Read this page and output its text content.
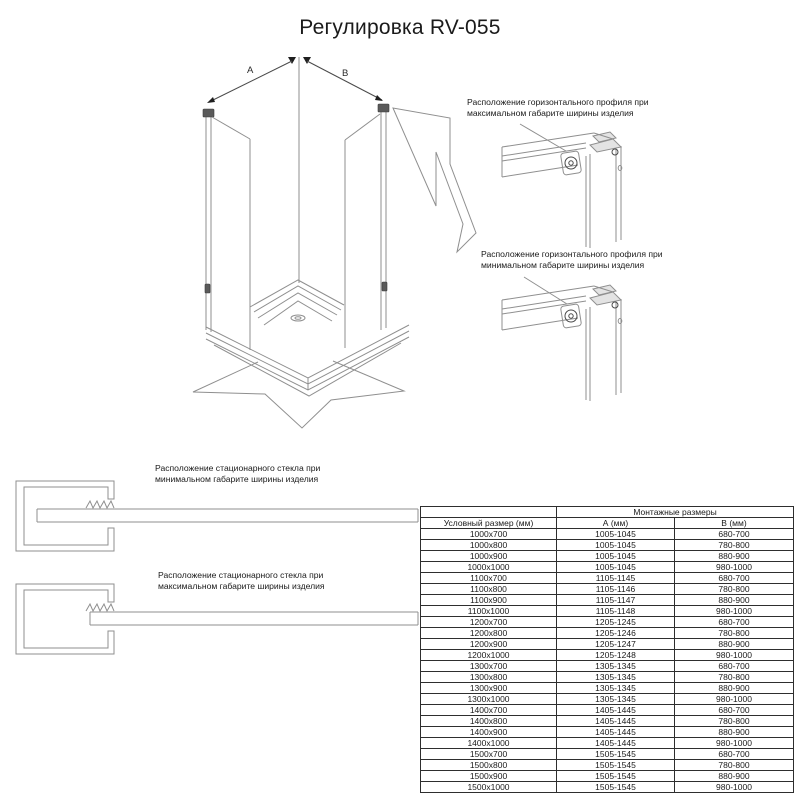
Регулировка RV-055
A	B
Расположение горизонтального профиля при максимальном габарите ширины изделия
Расположение горизонтального профиля при минимальном габарите ширины изделия
Расположение стационарного стекла при минимальном габарите ширины изделия
Расположение стационарного стекла при максимальном габарите ширины изделия
	Монтажные размеры	
Условный размер (мм)	А (мм)	В (мм)
1000x700	1005-1045	680-700
1000x800	1005-1045	780-800
1000x900	1005-1045	880-900
1000x1000	1005-1045	980-1000
1100x700	1105-1145	680-700
1100x800	1105-1146	780-800
1100x900	1105-1147	880-900
1100x1000	1105-1148	980-1000
1200x700	1205-1245	680-700
1200x800	1205-1246	780-800
1200x900	1205-1247	880-900
1200x1000	1205-1248	980-1000
1300x700	1305-1345	680-700
1300x800	1305-1345	780-800
1300x900	1305-1345	880-900
1300x1000	1305-1345	980-1000
1400x700	1405-1445	680-700
1400x800	1405-1445	780-800
1400x900	1405-1445	880-900
1400x1000	1405-1445	980-1000
1500x700	1505-1545	680-700
1500x800	1505-1545	780-800
1500x900	1505-1545	880-900
1500x1000	1505-1545	980-1000
